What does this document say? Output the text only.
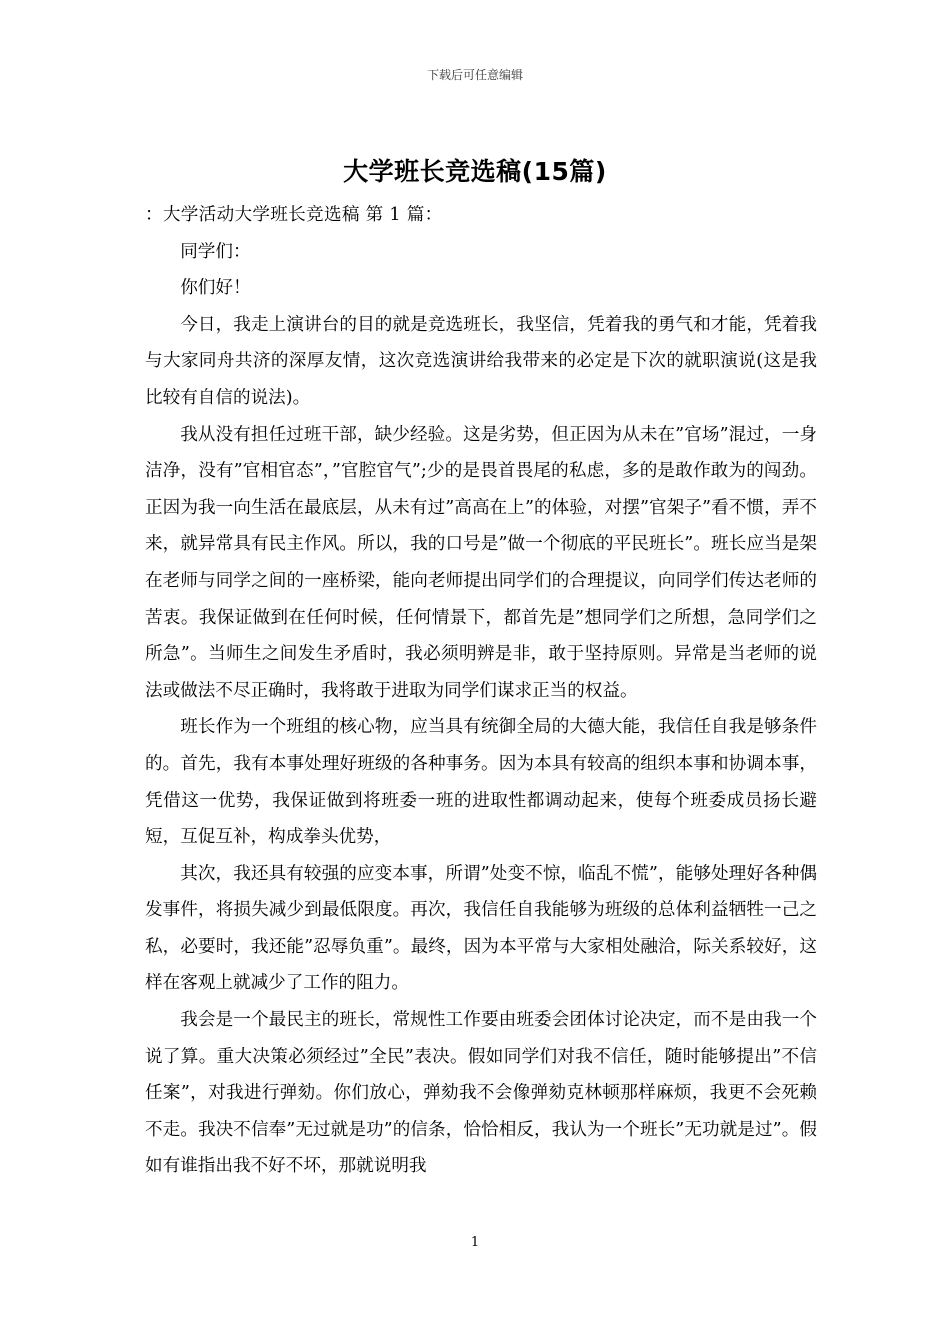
下载后可任意编辑
大学班长竞选稿(15篇)

：大学活动大学班长竞选稿 第 1 篇：

同学们：

你们好！

今日，我走上演讲台的目的就是竞选班长，我坚信，凭着我的勇气和才能，凭着我与大家同舟共济的深厚友情，这次竞选演讲给我带来的必定是下次的就职演说(这是我比较有自信的说法)。

我从没有担任过班干部，缺少经验。这是劣势，但正因为从未在”官场”混过，一身洁净，没有”官相官态”，”官腔官气”;少的是畏首畏尾的私虑，多的是敢作敢为的闯劲。正因为我一向生活在最底层，从未有过”高高在上”的体验，对摆”官架子”看不惯，弄不来，就异常具有民主作风。所以，我的口号是”做一个彻底的平民班长”。班长应当是架在老师与同学之间的一座桥梁，能向老师提出同学们的合理提议，向同学们传达老师的苦衷。我保证做到在任何时候，任何情景下，都首先是”想同学们之所想，急同学们之所急”。当师生之间发生矛盾时，我必须明辨是非，敢于坚持原则。异常是当老师的说法或做法不尽正确时，我将敢于进取为同学们谋求正当的权益。

班长作为一个班组的核心物，应当具有统御全局的大德大能，我信任自我是够条件的。首先，我有本事处理好班级的各种事务。因为本具有较高的组织本事和协调本事，凭借这一优势，我保证做到将班委一班的进取性都调动起来，使每个班委成员扬长避短，互促互补，构成拳头优势，

其次，我还具有较强的应变本事，所谓”处变不惊，临乱不慌”，能够处理好各种偶发事件，将损失减少到最低限度。再次，我信任自我能够为班级的总体利益牺牲一己之私，必要时，我还能”忍辱负重”。最终，因为本平常与大家相处融洽，际关系较好，这样在客观上就减少了工作的阻力。

我会是一个最民主的班长，常规性工作要由班委会团体讨论决定，而不是由我一个说了算。重大决策必须经过”全民”表决。假如同学们对我不信任，随时能够提出”不信任案”，对我进行弹劾。你们放心，弹劾我不会像弹劾克林顿那样麻烦，我更不会死赖不走。我决不信奉”无过就是功”的信条，恰恰相反，我认为一个班长”无功就是过”。假如有谁指出我不好不坏，那就说明我

1
